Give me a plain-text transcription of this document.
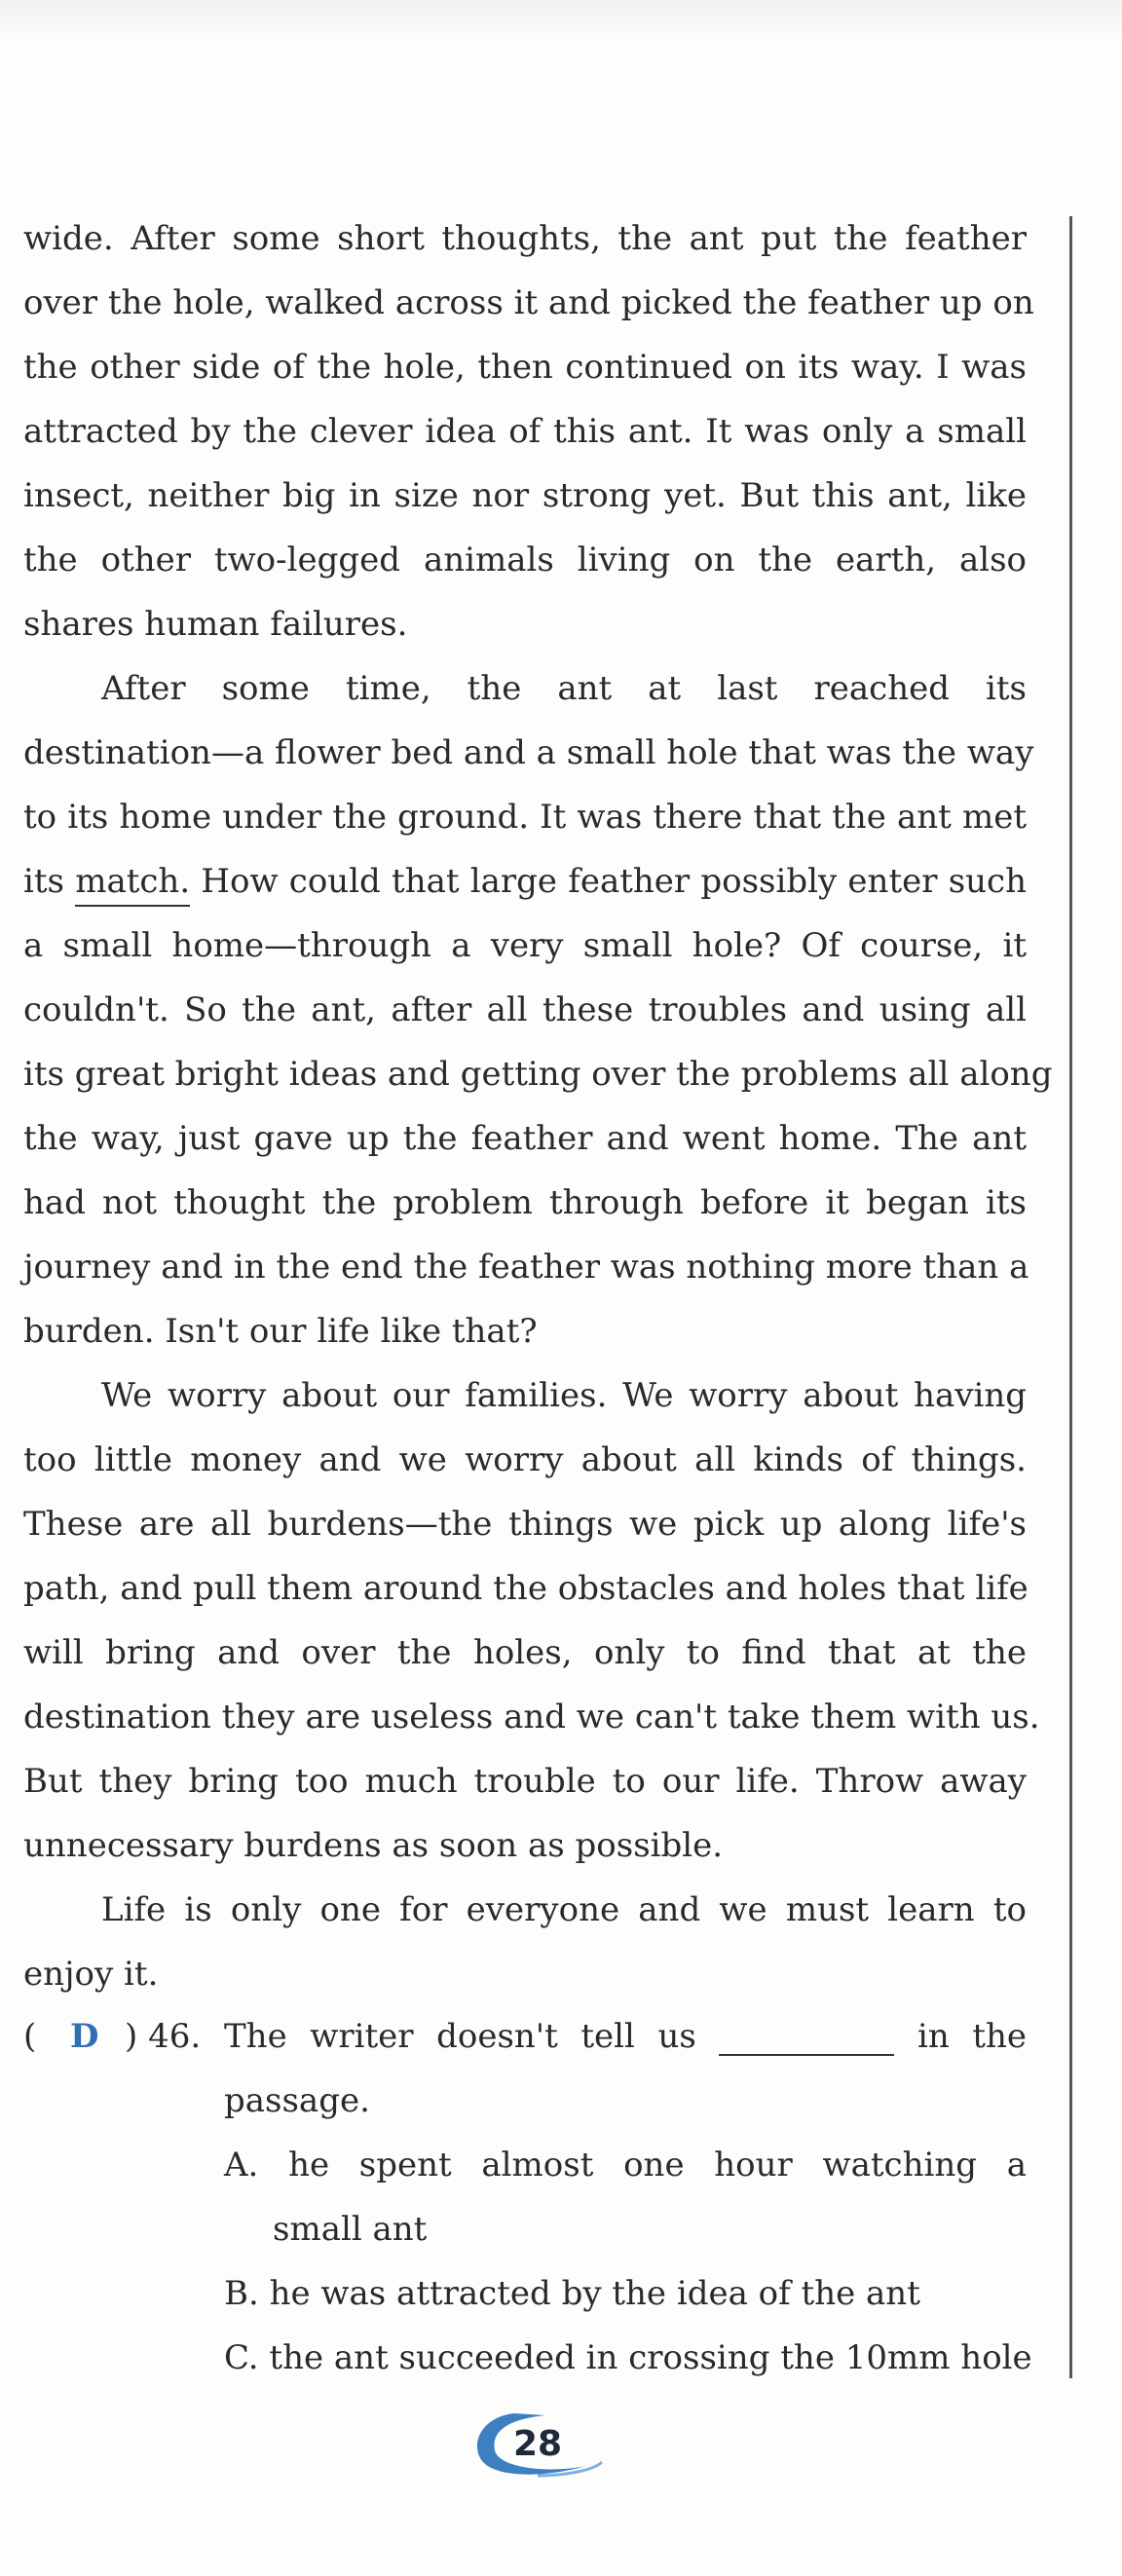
wide. After some short thoughts, the ant put the feather
over the hole, walked across it and picked the feather up on
the other side of the hole, then continued on its way. I was
attracted by the clever idea of this ant. It was only a small
insect, neither big in size nor strong yet. But this ant, like
the other two-legged animals living on the earth, also
shares human failures.
After some time, the ant at last reached its
destination—a flower bed and a small hole that was the way
to its home under the ground. It was there that the ant met
its match. How could that large feather possibly enter such
a small home—through a very small hole? Of course, it
couldn't. So the ant, after all these troubles and using all
its great bright ideas and getting over the problems all along
the way, just gave up the feather and went home. The ant
had not thought the problem through before it began its
journey and in the end the feather was nothing more than a
burden. Isn't our life like that?
We worry about our families. We worry about having
too little money and we worry about all kinds of things.
These are all burdens—the things we pick up along life's
path, and pull them around the obstacles and holes that life
will bring and over the holes, only to find that at the
destination they are useless and we can't take them with us.
But they bring too much trouble to our life. Throw away
unnecessary burdens as soon as possible.
Life is only one for everyone and we must learn to
enjoy it.
( D ) 46. The writer doesn't tell us	in the
passage.
A. he spent almost one hour watching a
small ant
B. he was attracted by the idea of the ant
C. the ant succeeded in crossing the 10mm hole
28
